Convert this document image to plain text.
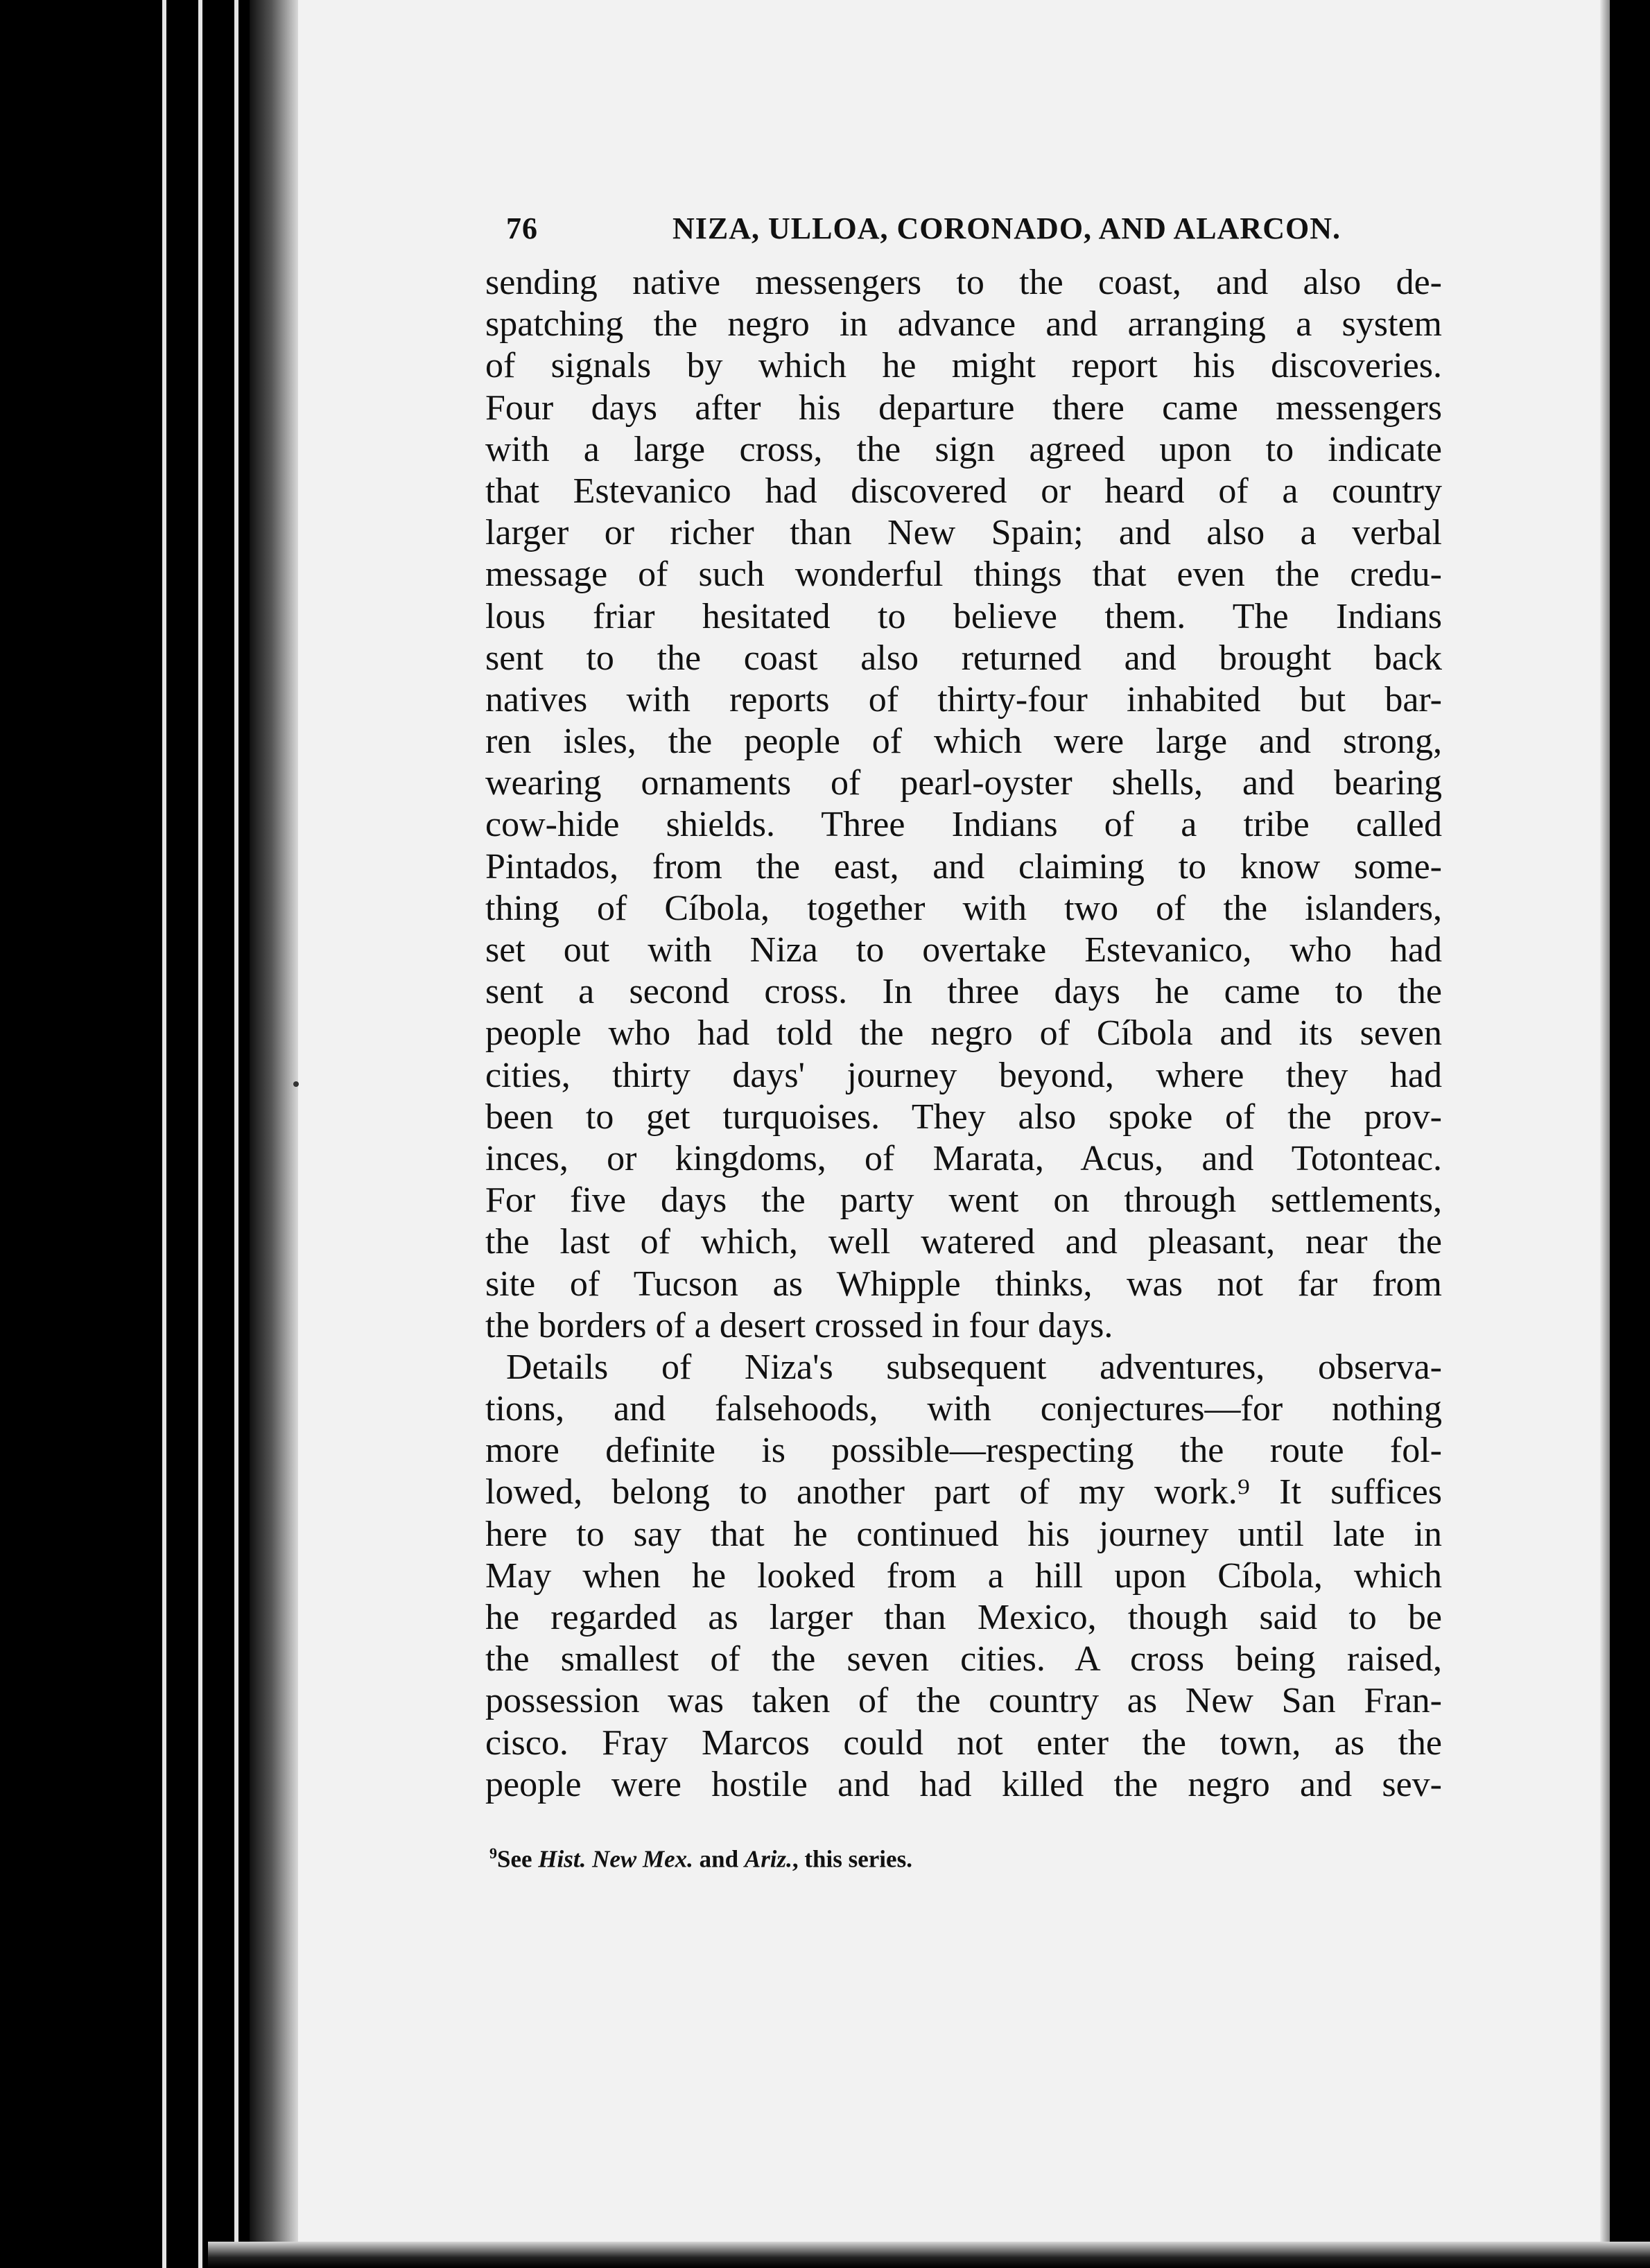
76	NIZA, ULLOA, CORONADO, AND ALARCON.
sending native messengers to the coast, and also de-
spatching the negro in advance and arranging a system
of signals by which he might report his discoveries.
Four days after his departure there came messengers
with a large cross, the sign agreed upon to indicate
that Estevanico had discovered or heard of a country
larger or richer than New Spain; and also a verbal
message of such wonderful things that even the credu-
lous friar hesitated to believe them. The Indians
sent to the coast also returned and brought back
natives with reports of thirty-four inhabited but bar-
ren isles, the people of which were large and strong,
wearing ornaments of pearl-oyster shells, and bearing
cow-hide shields. Three Indians of a tribe called
Pintados, from the east, and claiming to know some-
thing of Cíbola, together with two of the islanders,
set out with Niza to overtake Estevanico, who had
sent a second cross. In three days he came to the
people who had told the negro of Cíbola and its seven
cities, thirty days' journey beyond, where they had
been to get turquoises. They also spoke of the prov-
inces, or kingdoms, of Marata, Acus, and Totonteac.
For five days the party went on through settlements,
the last of which, well watered and pleasant, near the
site of Tucson as Whipple thinks, was not far from
the borders of a desert crossed in four days.
Details of Niza's subsequent adventures, observa-
tions, and falsehoods, with conjectures—for nothing
more definite is possible—respecting the route fol-
lowed, belong to another part of my work.⁹ It suffices
here to say that he continued his journey until late in
May when he looked from a hill upon Cíbola, which
he regarded as larger than Mexico, though said to be
the smallest of the seven cities. A cross being raised,
possession was taken of the country as New San Fran-
cisco. Fray Marcos could not enter the town, as the
people were hostile and had killed the negro and sev-
$^9$See Hist. New Mex. and Ariz., this series.
